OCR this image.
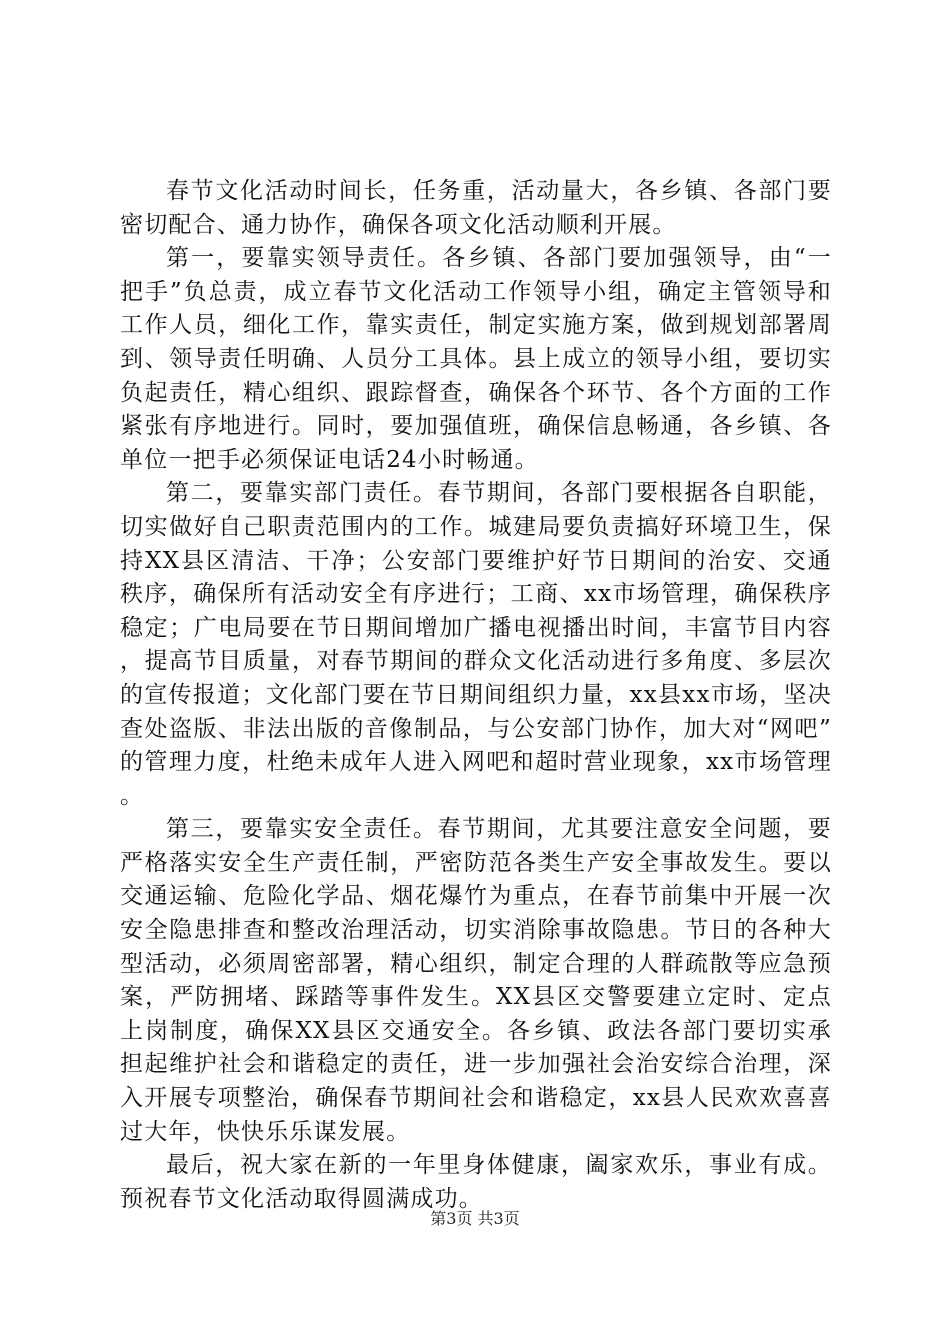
春节文化活动时间长，任务重，活动量大，各乡镇、各部门要密切配合、通力协作，确保各项文化活动顺利开展。

第一，要靠实领导责任。各乡镇、各部门要加强领导，由“一把手”负总责，成立春节文化活动工作领导小组，确定主管领导和工作人员，细化工作，靠实责任，制定实施方案，做到规划部署周到、领导责任明确、人员分工具体。县上成立的领导小组，要切实负起责任，精心组织、跟踪督查，确保各个环节、各个方面的工作紧张有序地进行。同时，要加强值班，确保信息畅通，各乡镇、各单位一把手必须保证电话24小时畅通。

第二，要靠实部门责任。春节期间，各部门要根据各自职能，切实做好自己职责范围内的工作。城建局要负责搞好环境卫生，保持XX县区清洁、干净；公安部门要维护好节日期间的治安、交通秩序，确保所有活动安全有序进行；工商、xx市场管理，确保秩序稳定；广电局要在节日期间增加广播电视播出时间，丰富节目内容，提高节目质量，对春节期间的群众文化活动进行多角度、多层次的宣传报道；文化部门要在节日期间组织力量，xx县xx市场，坚决查处盗版、非法出版的音像制品，与公安部门协作，加大对“网吧”的管理力度，杜绝未成年人进入网吧和超时营业现象，xx市场管理。

第三，要靠实安全责任。春节期间，尤其要注意安全问题，要严格落实安全生产责任制，严密防范各类生产安全事故发生。要以交通运输、危险化学品、烟花爆竹为重点，在春节前集中开展一次安全隐患排查和整改治理活动，切实消除事故隐患。节日的各种大型活动，必须周密部署，精心组织，制定合理的人群疏散等应急预案，严防拥堵、踩踏等事件发生。XX县区交警要建立定时、定点上岗制度，确保XX县区交通安全。各乡镇、政法各部门要切实承担起维护社会和谐稳定的责任，进一步加强社会治安综合治理，深入开展专项整治，确保春节期间社会和谐稳定，xx县人民欢欢喜喜过大年，快快乐乐谋发展。

最后，祝大家在新的一年里身体健康，阖家欢乐，事业有成。预祝春节文化活动取得圆满成功。

第3页 共3页
